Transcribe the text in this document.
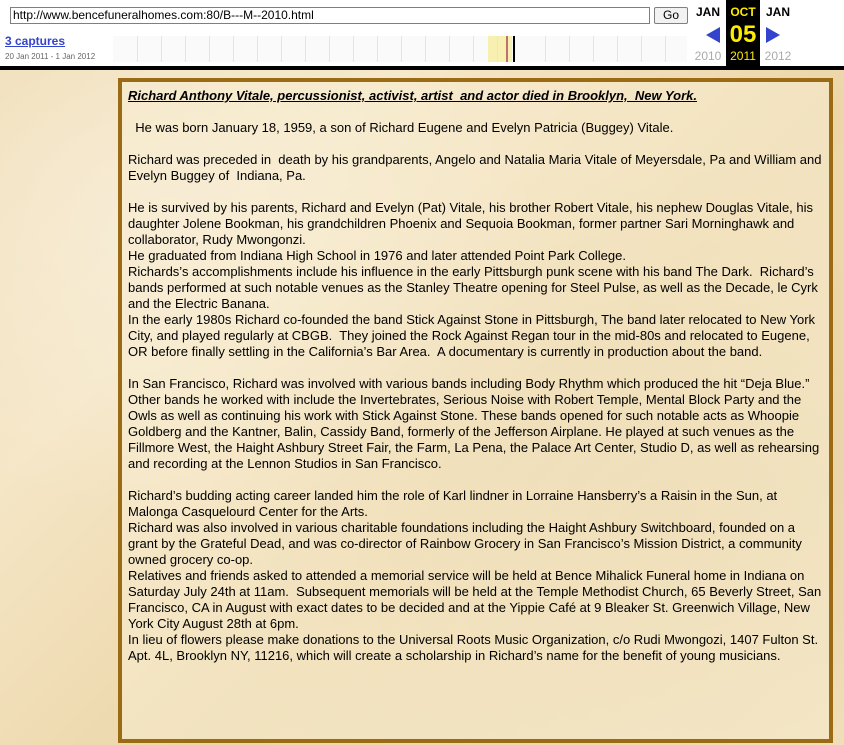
http://www.bencefuneralhomes.com:80/B---M--2010.html
Go
3 captures
20 Jan 2011 - 1 Jan 2012
JAN
2010
OCT
05
2011
JAN
2012

Richard Anthony Vitale, percussionist, activist, artist  and actor died in Brooklyn,  New York.

He was born January 18, 1959, a son of Richard Eugene and Evelyn Patricia (Buggey) Vitale.

Richard was preceded in  death by his grandparents, Angelo and Natalia Maria Vitale of Meyersdale, Pa and William and Evelyn Buggey of  Indiana, Pa.

He is survived by his parents, Richard and Evelyn (Pat) Vitale, his brother Robert Vitale, his nephew Douglas Vitale, his daughter Jolene Bookman, his grandchildren Phoenix and Sequoia Bookman, former partner Sari Morninghawk and collaborator, Rudy Mwongonzi.

He graduated from Indiana High School in 1976 and later attended Point Park College.

Richards’s accomplishments include his influence in the early Pittsburgh punk scene with his band The Dark.  Richard’s bands performed at such notable venues as the Stanley Theatre opening for Steel Pulse, as well as the Decade, le Cyrk and the Electric Banana.

In the early 1980s Richard co-founded the band Stick Against Stone in Pittsburgh, The band later relocated to New York City, and played regularly at CBGB.  They joined the Rock Against Regan tour in the mid-80s and relocated to Eugene, OR before finally settling in the California’s Bar Area.  A documentary is currently in production about the band.

In San Francisco, Richard was involved with various bands including Body Rhythm which produced the hit “Deja Blue.” Other bands he worked with include the Invertebrates, Serious Noise with Robert Temple, Mental Block Party and the Owls as well as continuing his work with Stick Against Stone. These bands opened for such notable acts as Whoopie Goldberg and the Kantner, Balin, Cassidy Band, formerly of the Jefferson Airplane. He played at such venues as the Fillmore West, the Haight Ashbury Street Fair, the Farm, La Pena, the Palace Art Center, Studio D, as well as rehearsing and recording at the Lennon Studios in San Francisco.

Richard’s budding acting career landed him the role of Karl lindner in Lorraine Hansberry’s a Raisin in the Sun, at Malonga Casquelourd Center for the Arts.

Richard was also involved in various charitable foundations including the Haight Ashbury Switchboard, founded on a grant by the Grateful Dead, and was co-director of Rainbow Grocery in San Francisco’s Mission District, a community owned grocery co-op.

Relatives and friends asked to attended a memorial service will be held at Bence Mihalick Funeral home in Indiana on Saturday July 24th at 11am.  Subsequent memorials will be held at the Temple Methodist Church, 65 Beverly Street, San Francisco, CA in August with exact dates to be decided and at the Yippie Café at 9 Bleaker St. Greenwich Village, New York City August 28th at 6pm.

In lieu of flowers please make donations to the Universal Roots Music Organization, c/o Rudi Mwongozi, 1407 Fulton St. Apt. 4L, Brooklyn NY, 11216, which will create a scholarship in Richard’s name for the benefit of young musicians.
